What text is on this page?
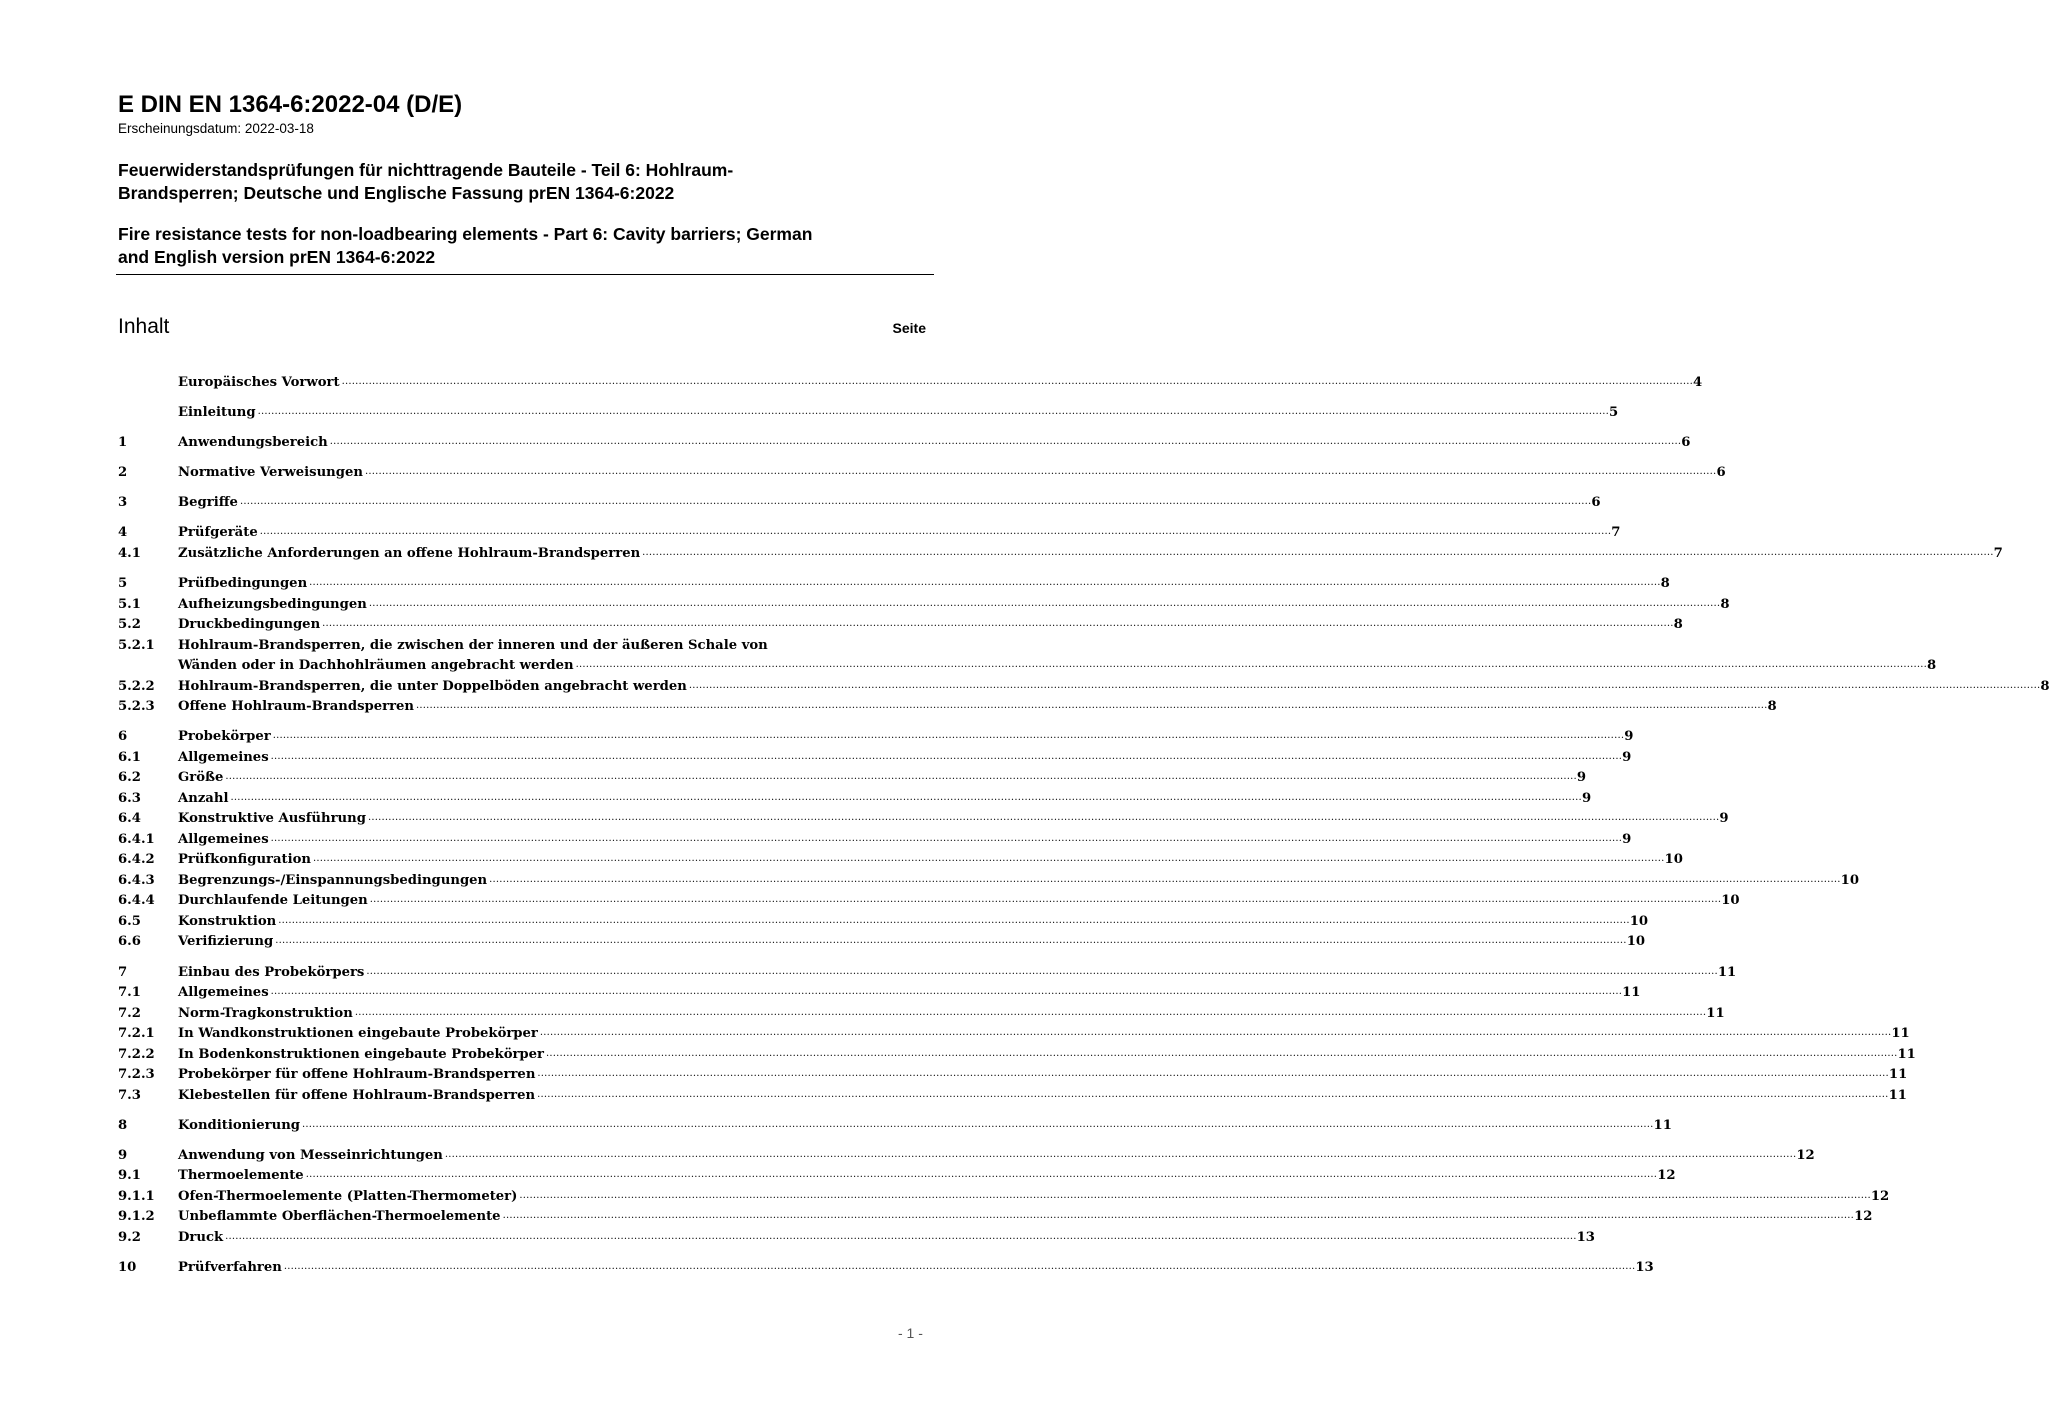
E DIN EN 1364-6:2022-04 (D/E)

Erscheinungsdatum: 2022-03-18

Feuerwiderstandsprüfungen für nichttragende Bauteile - Teil 6: Hohlraum-
Brandsperren; Deutsche und Englische Fassung prEN 1364-6:2022

Fire resistance tests for non-loadbearing elements - Part 6: Cavity barriers; German
and English version prEN 1364-6:2022

Inhalt	Seite
Europäisches Vorwort ................................................................................................................................................................................................................................................................................................................................................................................................................ 4
Einleitung ................................................................................................................................................................................................................................................................................................................................................................................................................ 5
1	Anwendungsbereich ................................................................................................................................................................................................................................................................................................................................................................................................................ 6
2	Normative Verweisungen ................................................................................................................................................................................................................................................................................................................................................................................................................ 6
3	Begriffe ................................................................................................................................................................................................................................................................................................................................................................................................................ 6
4	Prüfgeräte ................................................................................................................................................................................................................................................................................................................................................................................................................ 7
4.1	Zusätzliche Anforderungen an offene Hohlraum-Brandsperren ................................................................................................................................................................................................................................................................................................................................................................................................................ 7
5	Prüfbedingungen ................................................................................................................................................................................................................................................................................................................................................................................................................ 8
5.1	Aufheizungsbedingungen ................................................................................................................................................................................................................................................................................................................................................................................................................ 8
5.2	Druckbedingungen ................................................................................................................................................................................................................................................................................................................................................................................................................ 8
5.2.1	Hohlraum-Brandsperren, die zwischen der inneren und der äußeren Schale von
Wänden oder in Dachhohlräumen angebracht werden ................................................................................................................................................................................................................................................................................................................................................................................................................ 8
5.2.2	Hohlraum-Brandsperren, die unter Doppelböden angebracht werden ................................................................................................................................................................................................................................................................................................................................................................................................................ 8
5.2.3	Offene Hohlraum-Brandsperren ................................................................................................................................................................................................................................................................................................................................................................................................................ 8
6	Probekörper ................................................................................................................................................................................................................................................................................................................................................................................................................ 9
6.1	Allgemeines ................................................................................................................................................................................................................................................................................................................................................................................................................ 9
6.2	Größe ................................................................................................................................................................................................................................................................................................................................................................................................................ 9
6.3	Anzahl ................................................................................................................................................................................................................................................................................................................................................................................................................ 9
6.4	Konstruktive Ausführung ................................................................................................................................................................................................................................................................................................................................................................................................................ 9
6.4.1	Allgemeines ................................................................................................................................................................................................................................................................................................................................................................................................................ 9
6.4.2	Prüfkonfiguration ................................................................................................................................................................................................................................................................................................................................................................................................................ 10
6.4.3	Begrenzungs-/Einspannungsbedingungen ................................................................................................................................................................................................................................................................................................................................................................................................................ 10
6.4.4	Durchlaufende Leitungen ................................................................................................................................................................................................................................................................................................................................................................................................................ 10
6.5	Konstruktion ................................................................................................................................................................................................................................................................................................................................................................................................................ 10
6.6	Verifizierung ................................................................................................................................................................................................................................................................................................................................................................................................................ 10
7	Einbau des Probekörpers ................................................................................................................................................................................................................................................................................................................................................................................................................ 11
7.1	Allgemeines ................................................................................................................................................................................................................................................................................................................................................................................................................ 11
7.2	Norm-Tragkonstruktion ................................................................................................................................................................................................................................................................................................................................................................................................................ 11
7.2.1	In Wandkonstruktionen eingebaute Probekörper ................................................................................................................................................................................................................................................................................................................................................................................................................ 11
7.2.2	In Bodenkonstruktionen eingebaute Probekörper ................................................................................................................................................................................................................................................................................................................................................................................................................ 11
7.2.3	Probekörper für offene Hohlraum-Brandsperren ................................................................................................................................................................................................................................................................................................................................................................................................................ 11
7.3	Klebestellen für offene Hohlraum-Brandsperren ................................................................................................................................................................................................................................................................................................................................................................................................................ 11
8	Konditionierung ................................................................................................................................................................................................................................................................................................................................................................................................................ 11
9	Anwendung von Messeinrichtungen ................................................................................................................................................................................................................................................................................................................................................................................................................ 12
9.1	Thermoelemente ................................................................................................................................................................................................................................................................................................................................................................................................................ 12
9.1.1	Ofen-Thermoelemente (Platten-Thermometer) ................................................................................................................................................................................................................................................................................................................................................................................................................ 12
9.1.2	Unbeflammte Oberflächen-Thermoelemente ................................................................................................................................................................................................................................................................................................................................................................................................................ 12
9.2	Druck ................................................................................................................................................................................................................................................................................................................................................................................................................ 13
10	Prüfverfahren ................................................................................................................................................................................................................................................................................................................................................................................................................ 13
- 1 -
